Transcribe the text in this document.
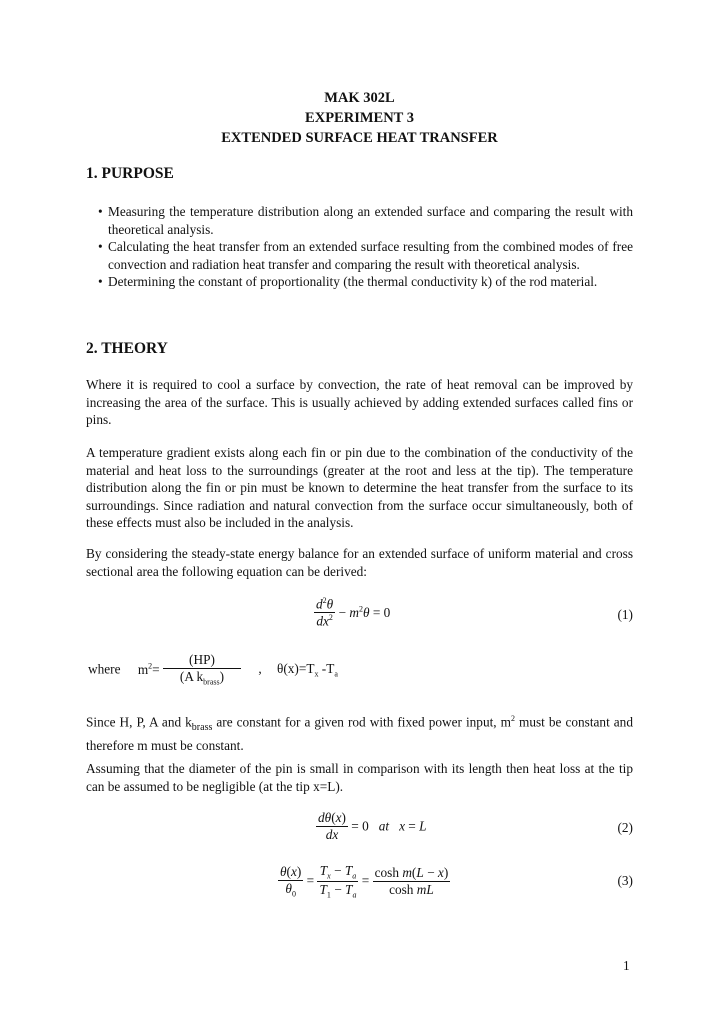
MAK 302L
EXPERIMENT 3
EXTENDED SURFACE HEAT TRANSFER
1. PURPOSE
• Measuring the temperature distribution along an extended surface and comparing the result with theoretical analysis.
• Calculating the heat transfer from an extended surface resulting from the combined modes of free convection and radiation heat transfer and comparing the result with theoretical analysis.
• Determining the constant of proportionality (the thermal conductivity k) of the rod material.
2. THEORY
Where it is required to cool a surface by convection, the rate of heat removal can be improved by increasing the area of the surface. This is usually achieved by adding extended surfaces called fins or pins.
A temperature gradient exists along each fin or pin due to the combination of the conductivity of the material and heat loss to the surroundings (greater at the root and less at the tip). The temperature distribution along the fin or pin must be known to determine the heat transfer from the surface to its surroundings. Since radiation and natural convection from the surface occur simultaneously, both of these effects must also be included in the analysis.
By considering the steady-state energy balance for an extended surface of uniform material and cross sectional area the following equation can be derived:
$\frac{d^2\theta}{dx^2} - m^2\theta = 0$	(1)
where $m^2= \frac{(HP)}{(A k_{brass})}$ , $\theta(x)=T_x$ $-T_a$
Since H, P, A and $k_{brass}$ are constant for a given rod with fixed power input, $m^2$ must be constant and therefore m must be constant.
Assuming that the diameter of the pin is small in comparison with its length then heat loss at the tip can be assumed to be negligible (at the tip x=L).
$\frac{d\theta(x)}{dx} = 0$   at x = L	(2)
$\frac{\theta(x)}{\theta_0} = \frac{T_x - T_a}{T_1 - T_a} = \frac{\text{cosh m(L − x)}}{\text{cosh mL}}$	(3)
1
